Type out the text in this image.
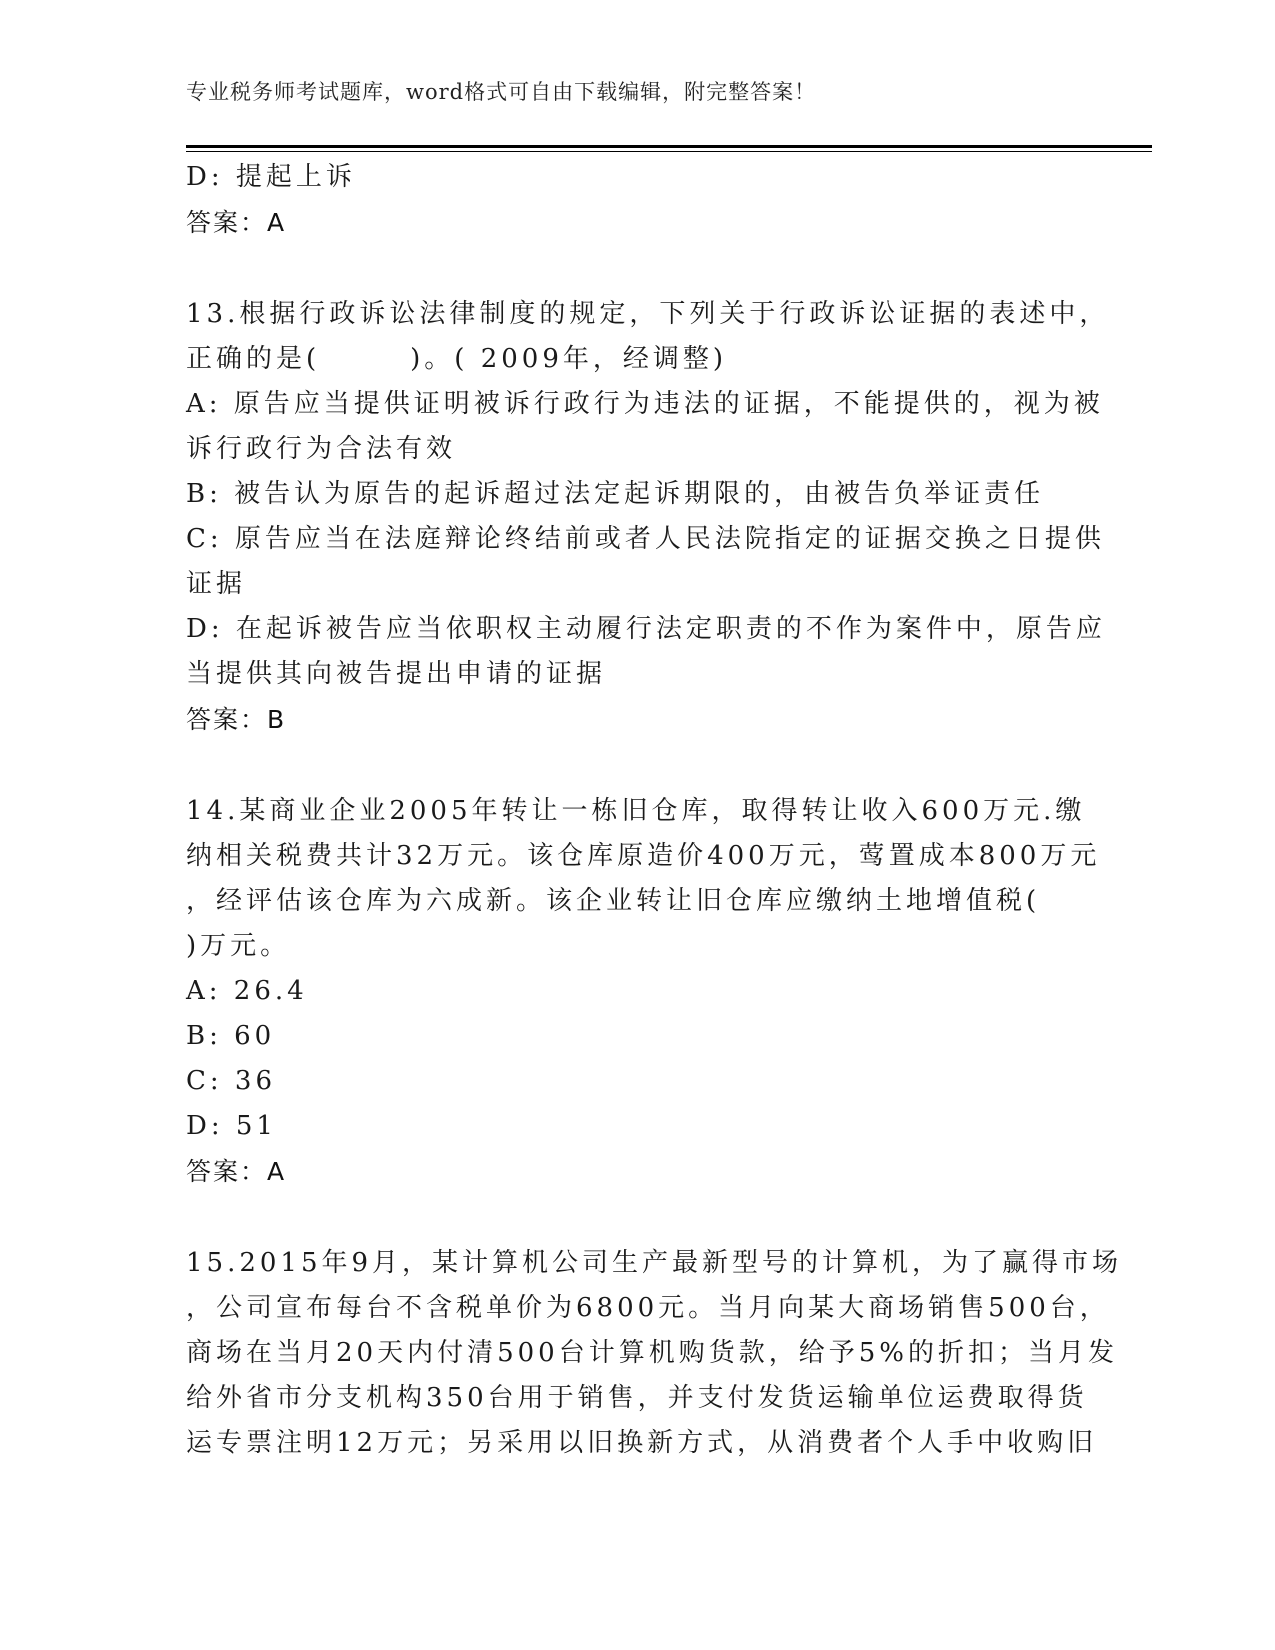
专业税务师考试题库，word格式可自由下载编辑，附完整答案！
D: 提起上诉
答案：A
13.根据行政诉讼法律制度的规定，下列关于行政诉讼证据的表述中，
正确的是(　　　)。( 2009年，经调整)
A: 原告应当提供证明被诉行政行为违法的证据，不能提供的，视为被
诉行政行为合法有效
B: 被告认为原告的起诉超过法定起诉期限的，由被告负举证责任
C: 原告应当在法庭辩论终结前或者人民法院指定的证据交换之日提供
证据
D: 在起诉被告应当依职权主动履行法定职责的不作为案件中，原告应
当提供其向被告提出申请的证据
答案：B
14.某商业企业2005年转让一栋旧仓库，取得转让收入600万元.缴
纳相关税费共计32万元。该仓库原造价400万元，莺置成本800万元
，经评估该仓库为六成新。该企业转让旧仓库应缴纳土地增值税(
)万元。
A: 26.4
B: 60
C: 36
D: 51
答案：A
15.2015年9月，某计算机公司生产最新型号的计算机，为了赢得市场
，公司宣布每台不含税单价为6800元。当月向某大商场销售500台，
商场在当月20天内付清500台计算机购货款，给予5%的折扣；当月发
给外省市分支机构350台用于销售，并支付发货运输单位运费取得货
运专票注明12万元；另采用以旧换新方式，从消费者个人手中收购旧
